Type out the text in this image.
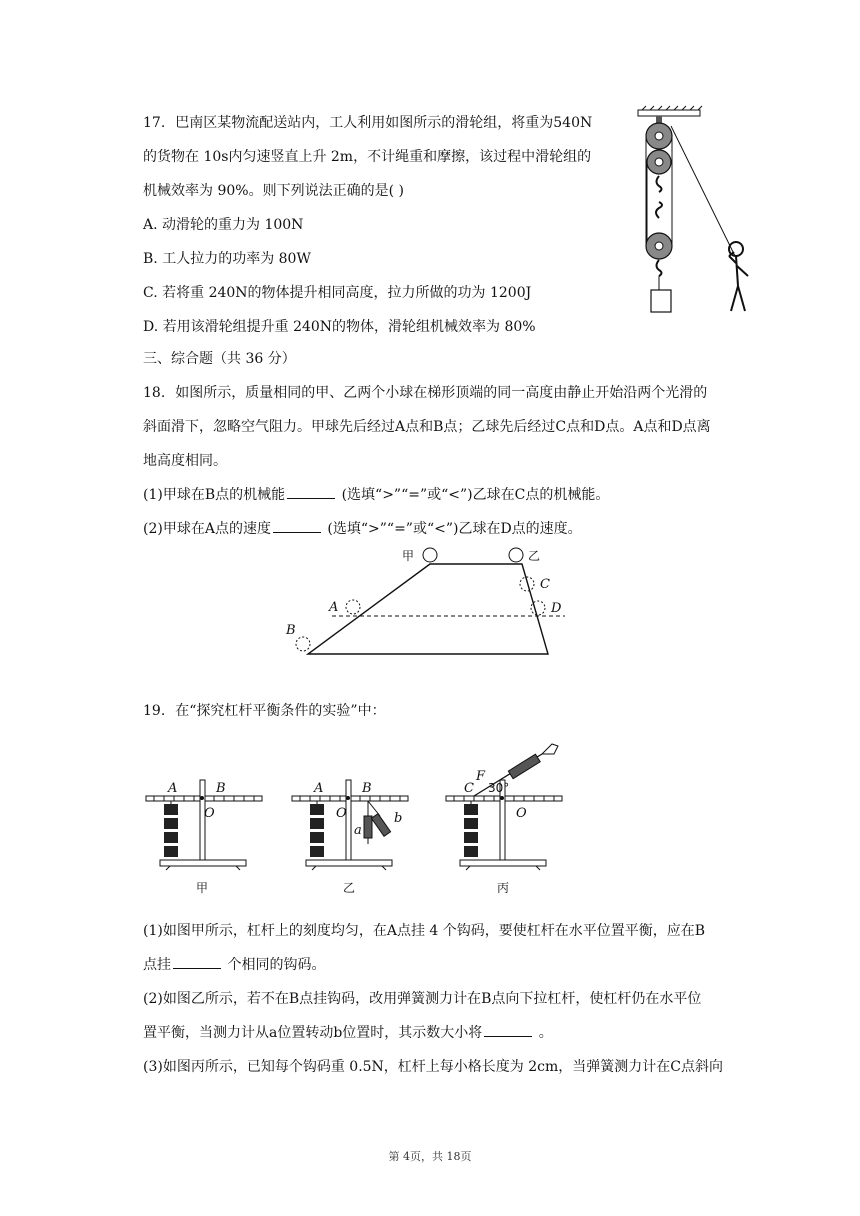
17. 巴南区某物流配送站内，工人利用如图所示的滑轮组，将重为540N
的货物在 10s内匀速竖直上升 2m，不计绳重和摩擦，该过程中滑轮组的
机械效率为 90%。则下列说法正确的是( )
A. 动滑轮的重力为 100N
B. 工人拉力的功率为 80W
C. 若将重 240N的物体提升相同高度，拉力所做的功为 1200J
D. 若用该滑轮组提升重 240N的物体，滑轮组机械效率为 80%
三、综合题（共 36 分）
18. 如图所示，质量相同的甲、乙两个小球在梯形顶端的同一高度由静止开始沿两个光滑的
斜面滑下，忽略空气阻力。甲球先后经过A点和B点；乙球先后经过C点和D点。A点和D点离
地高度相同。
(1)甲球在B点的机械能	(选填“>”“=”或“<”)乙球在C点的机械能。
(2)甲球在A点的速度	(选填“>”“=”或“<”)乙球在D点的速度。
甲	乙
A
B
C
D
19. 在“探究杠杆平衡条件的实验”中：
A	B
O
A	B
O
a
b
C
O
F
30°
甲	乙	丙
(1)如图甲所示，杠杆上的刻度均匀，在A点挂 4 个钩码，要使杠杆在水平位置平衡，应在B
点挂	个相同的钩码。
(2)如图乙所示，若不在B点挂钩码，改用弹簧测力计在B点向下拉杠杆，使杠杆仍在水平位
置平衡，当测力计从a位置转动b位置时，其示数大小将	。
(3)如图丙所示，已知每个钩码重 0.5N，杠杆上每小格长度为 2cm，当弹簧测力计在C点斜向
第 4页，共 18页
